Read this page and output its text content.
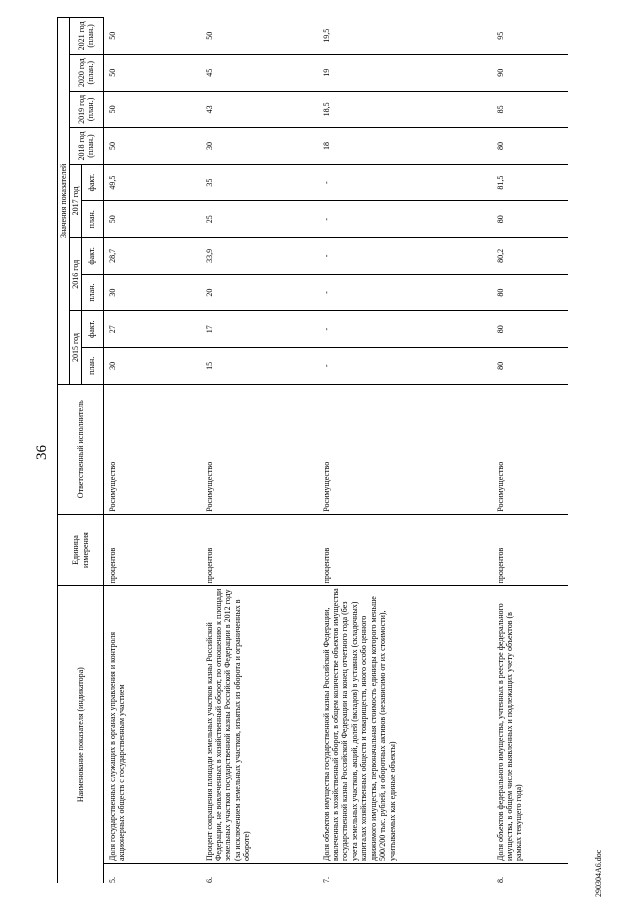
36
Наименование показателя (индикатора)		Единица измерения	Ответственный исполнитель	Значения показателей									
				2015 год		2016 год		2017 год		2018 год (план.)	2019 год (план.)	2020 год (план.)	2021 год (план.)
				план.	факт.	план.	факт.	план.	факт.				
5.	Доля государственных служащих в органах управления и контроля акционерных обществ с государственным участием	процентов	Росимущество	30	27	30	28,7	50	49,5	50	50	50	50
6.	Процент сокращения площади земельных участков казны Российской Федерации, не вовлеченных в хозяйственный оборот, по отношению к площади земельных участков государственной казны Российской Федерации в 2012 году (за исключением земельных участков, изъятых из оборота и ограниченных в обороте)	процентов	Росимущество	15	17	20	33,9	25	35	30	43	45	50
7.	Доля объектов имущества государственной казны Российской Федерации, вовлеченных в хозяйственный оборот, в общем количестве объектов имущества государственной казны Российской Федерации на конец отчетного года (без учета земельных участков, акций, долей (вкладов) в уставных (складочных) капиталах хозяйственных обществ и товариществ, иного особо ценного движимого имущества, первоначальная стоимость единицы которого меньше 500/200 тыс. рублей, и оборотных активов (независимо от их стоимости), учитываемых как единые объекты)	процентов	Росимущество	-	-	-	-	-	-	18	18,5	19	19,5
8.	Доля объектов федерального имущества, учтенных в реестре федерального имущества, в общем числе выявленных и подлежащих учету объектов (в рамках текущего года)	процентов	Росимущество	80	80	80	80,2	80	81,5	80	85	90	95
290304A6.doc
